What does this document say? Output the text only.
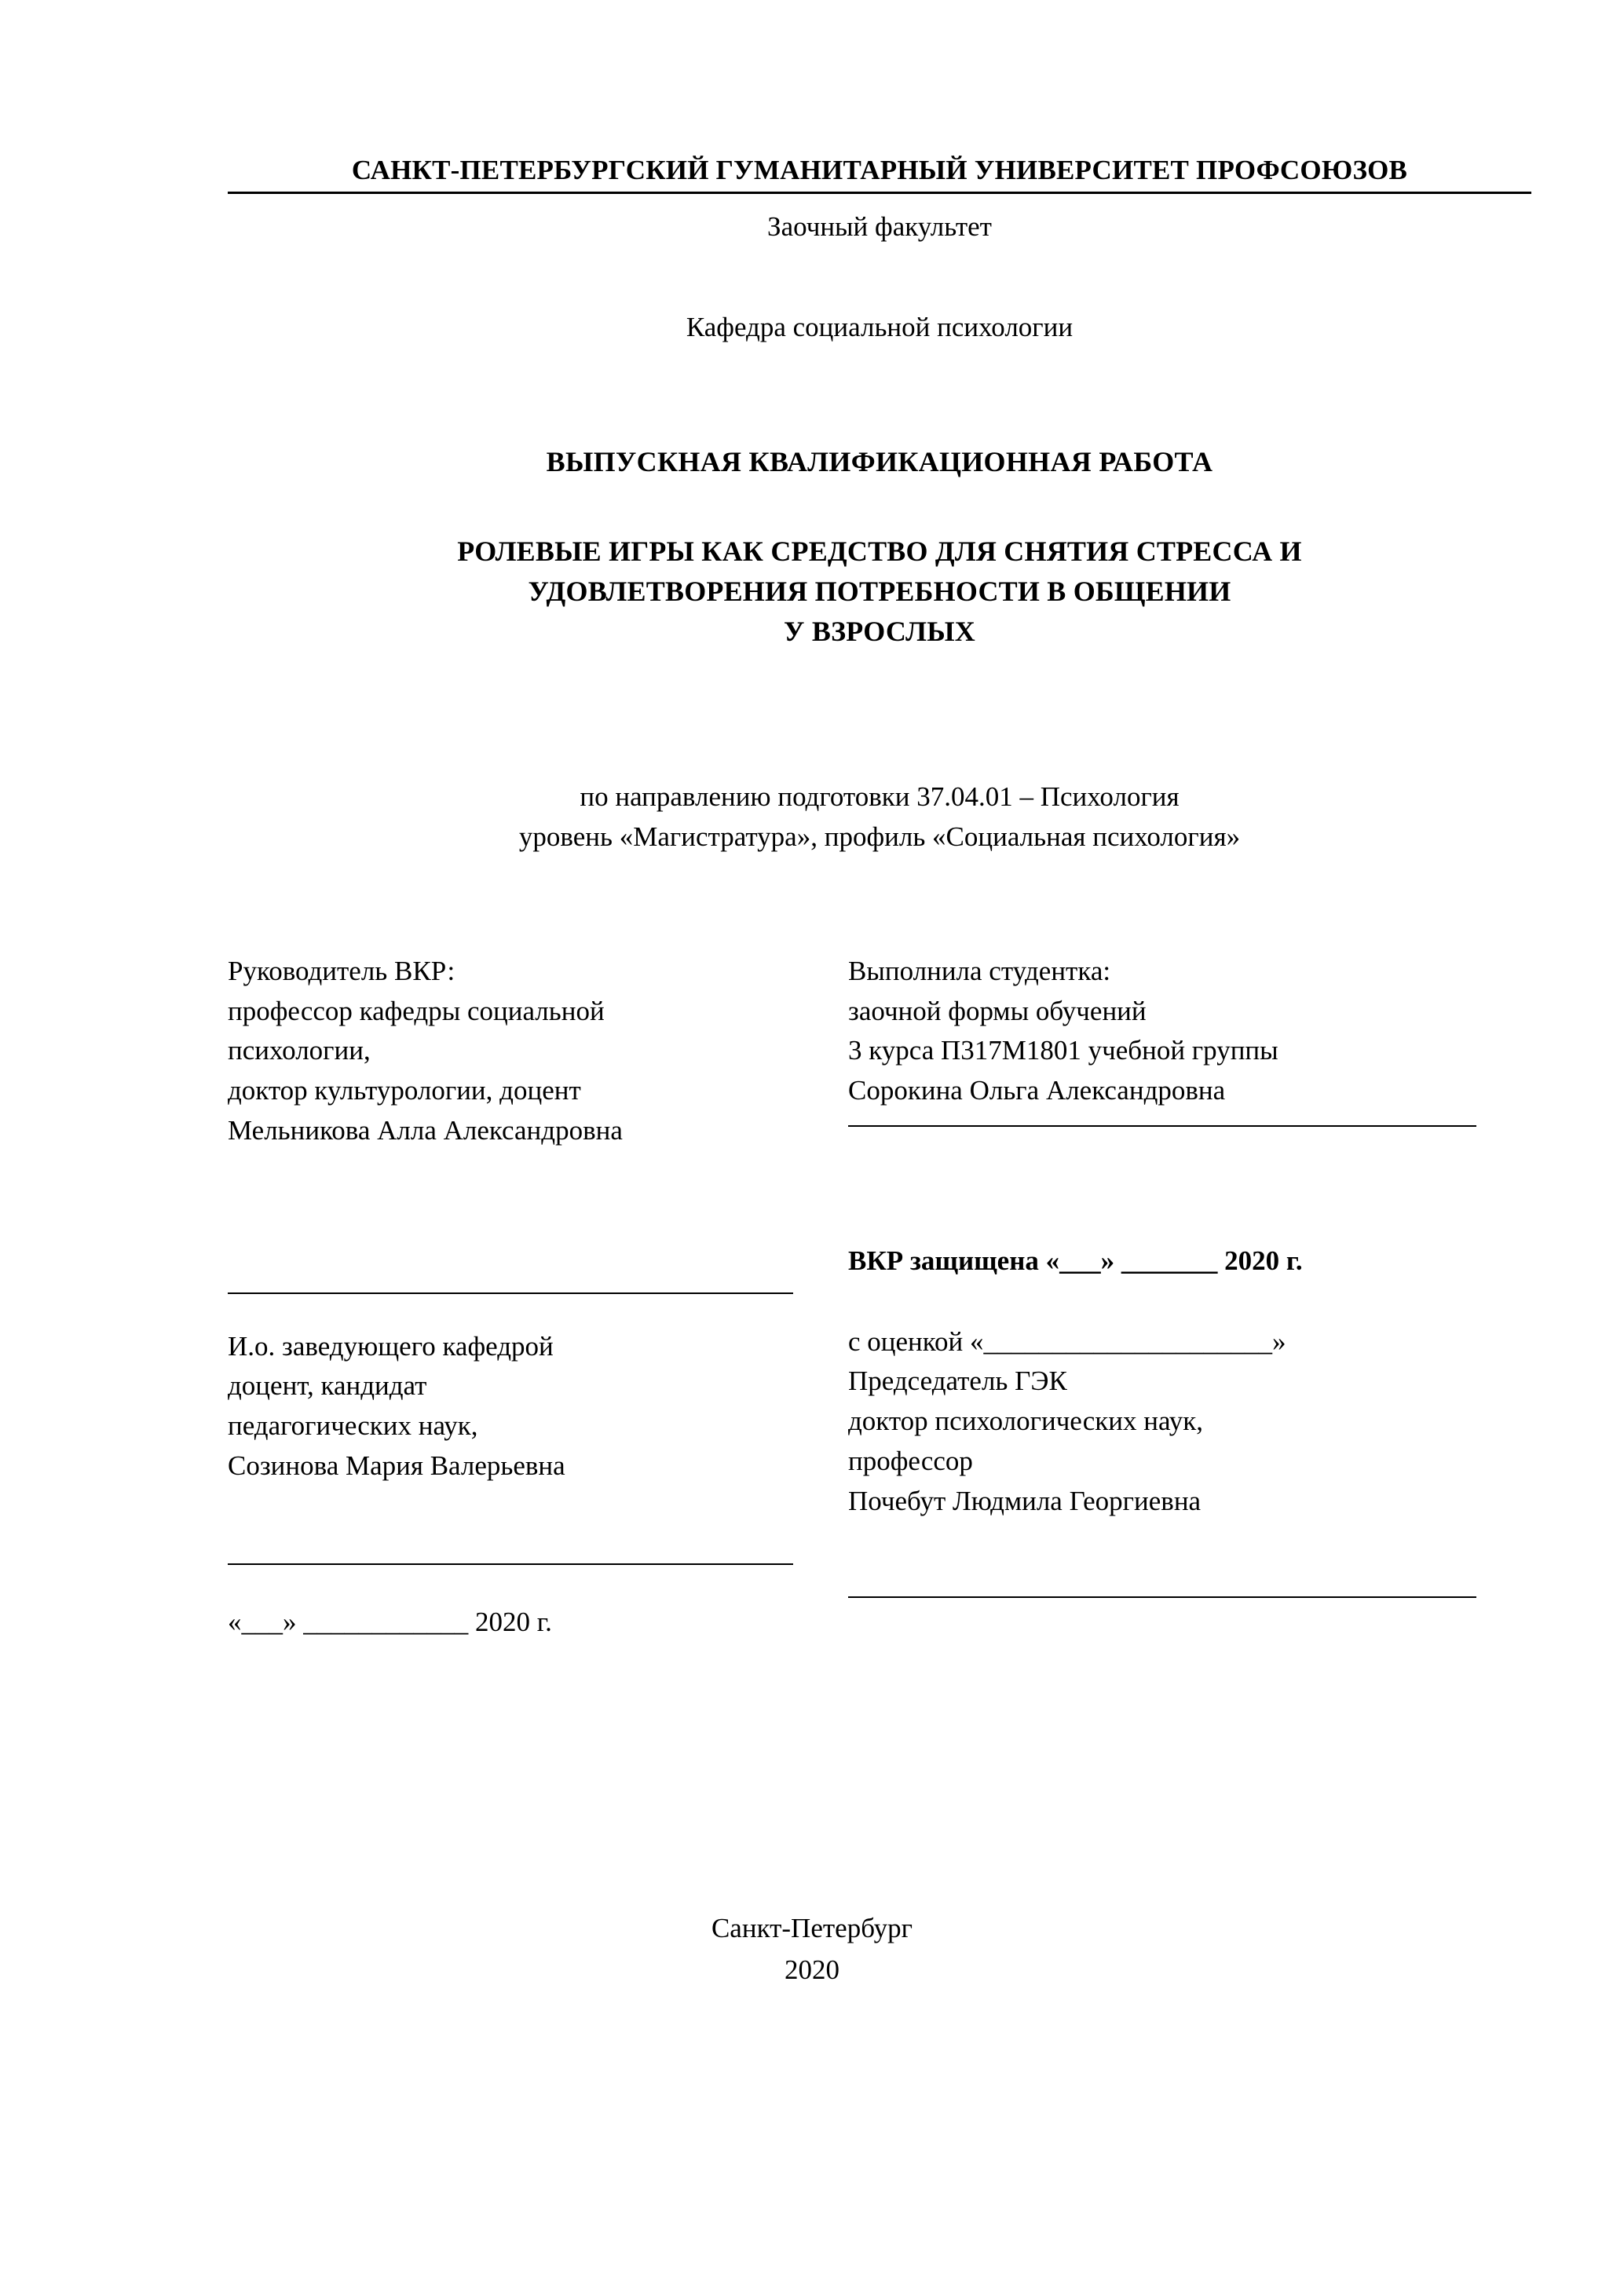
САНКТ-ПЕТЕРБУРГСКИЙ ГУМАНИТАРНЫЙ УНИВЕРСИТЕТ ПРОФСОЮЗОВ
Заочный факультет
Кафедра социальной психологии
ВЫПУСКНАЯ КВАЛИФИКАЦИОННАЯ РАБОТА
РОЛЕВЫЕ ИГРЫ КАК СРЕДСТВО ДЛЯ СНЯТИЯ СТРЕССА И
УДОВЛЕТВОРЕНИЯ ПОТРЕБНОСТИ В ОБЩЕНИИ
У ВЗРОСЛЫХ
по направлению подготовки 37.04.01 – Психология
уровень «Магистратура», профиль «Социальная психология»
Руководитель ВКР:
профессор кафедры социальной
психологии,
доктор культурологии, доцент
Мельникова Алла Александровна
И.о. заведующего кафедрой
доцент, кандидат
педагогических наук,
Созинова Мария Валерьевна
«___» ____________ 2020 г.
Выполнила студентка:
заочной формы обучений
3 курса П317М1801 учебной группы
Сорокина Ольга Александровна
ВКР защищена «___» _______ 2020 г.
с оценкой «_____________________»
Председатель ГЭК
доктор психологических наук,
профессор
Почебут Людмила Георгиевна
Санкт-Петербург
2020
